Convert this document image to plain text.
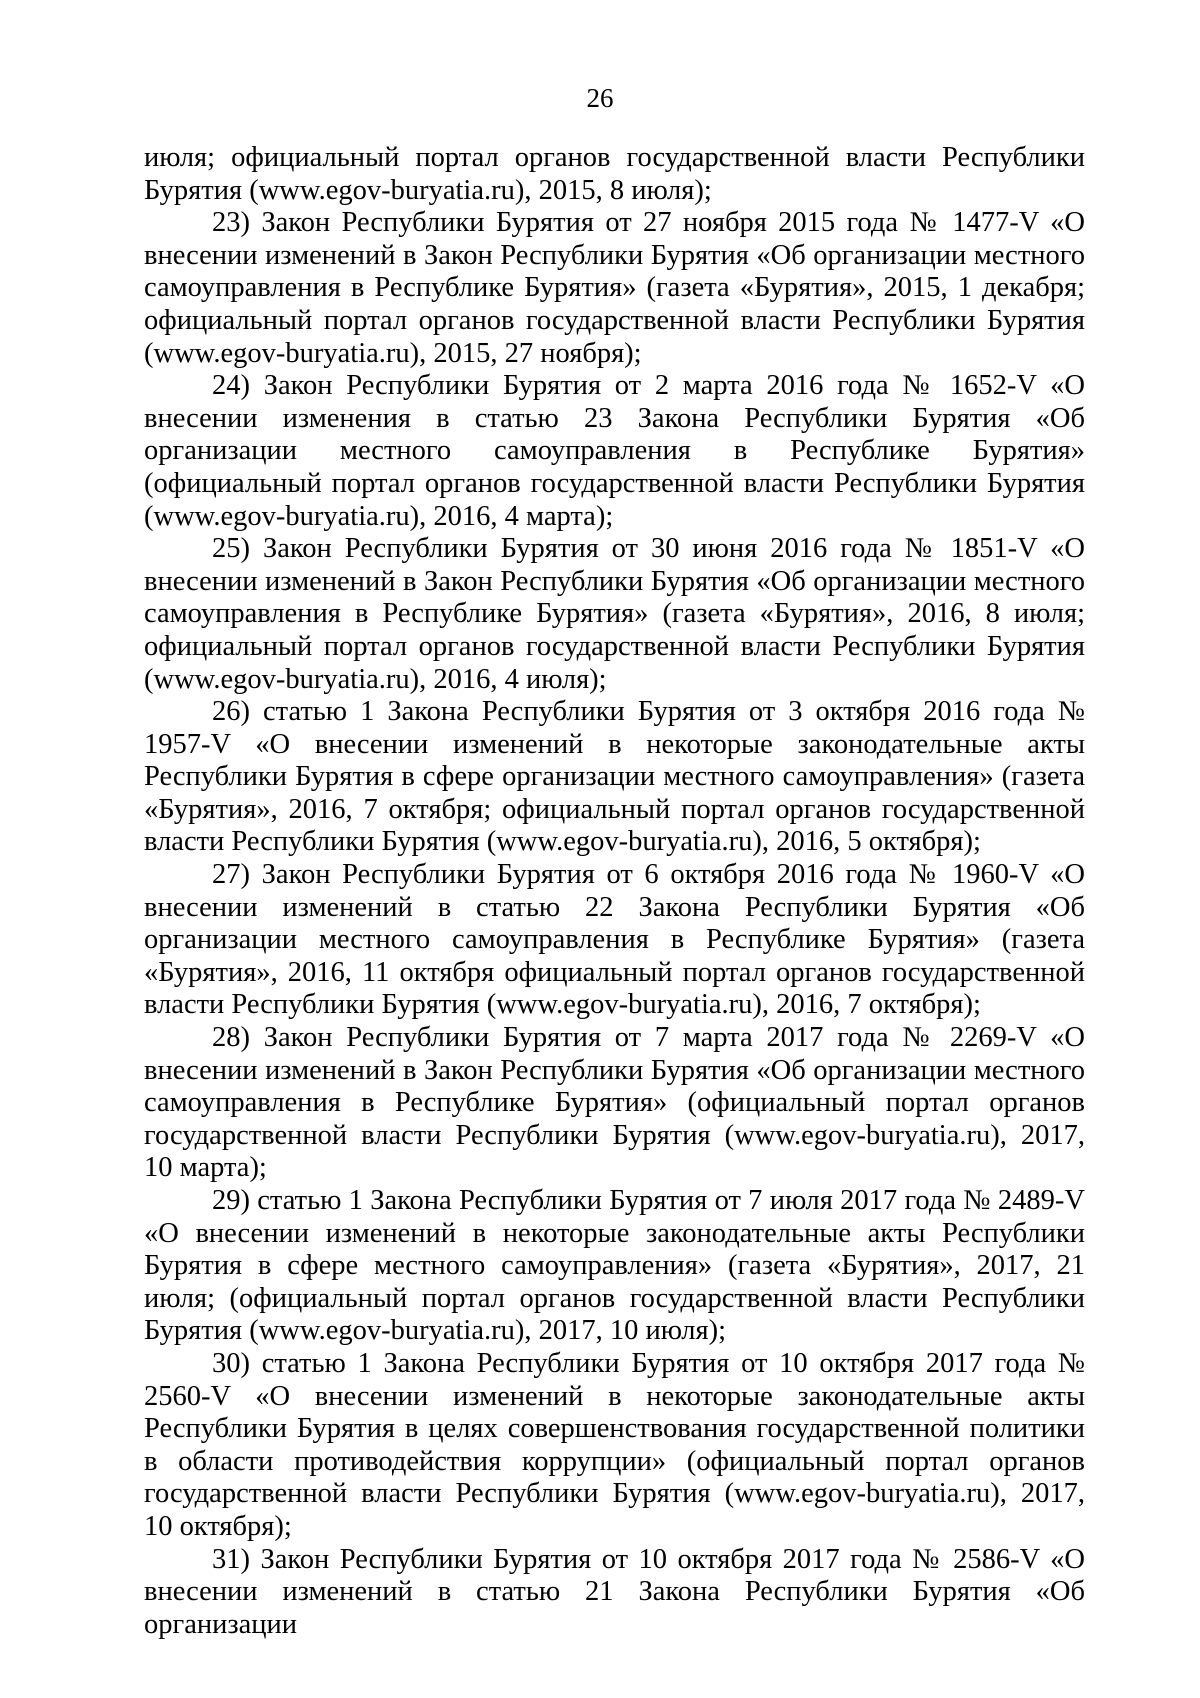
26

июля; официальный портал органов государственной власти Республики Бурятия (www.egov-buryatia.ru), 2015, 8 июля);

23) Закон Республики Бурятия от 27 ноября 2015 года № 1477-V «О внесении изменений в Закон Республики Бурятия «Об организации местного самоуправления в Республике Бурятия» (газета «Бурятия», 2015, 1 декабря; официальный портал органов государственной власти Республики Бурятия (www.egov-buryatia.ru), 2015, 27 ноября);

24) Закон Республики Бурятия от 2 марта 2016 года № 1652-V «О внесении изменения в статью 23 Закона Республики Бурятия «Об организации местного самоуправления в Республике Бурятия» (официальный портал органов государственной власти Республики Бурятия (www.egov-buryatia.ru), 2016, 4 марта);

25) Закон Республики Бурятия от 30 июня 2016 года № 1851-V «О внесении изменений в Закон Республики Бурятия «Об организации местного самоуправления в Республике Бурятия» (газета «Бурятия», 2016, 8 июля; официальный портал органов государственной власти Республики Бурятия (www.egov-buryatia.ru), 2016, 4 июля);

26) статью 1 Закона Республики Бурятия от 3 октября 2016 года № 1957-V «О внесении изменений в некоторые законодательные акты Республики Бурятия в сфере организации местного самоуправления» (газета «Бурятия», 2016, 7 октября; официальный портал органов государственной власти Республики Бурятия (www.egov-buryatia.ru), 2016, 5 октября);

27) Закон Республики Бурятия от 6 октября 2016 года № 1960-V «О внесении изменений в статью 22 Закона Республики Бурятия «Об организации местного самоуправления в Республике Бурятия» (газета «Бурятия», 2016, 11 октября официальный портал органов государственной власти Республики Бурятия (www.egov-buryatia.ru), 2016, 7 октября);

28) Закон Республики Бурятия от 7 марта 2017 года № 2269-V «О внесении изменений в Закон Республики Бурятия «Об организации местного самоуправления в Республике Бурятия» (официальный портал органов государственной власти Республики Бурятия (www.egov-buryatia.ru), 2017, 10 марта);

29) статью 1 Закона Республики Бурятия от 7 июля 2017 года № 2489-V «О внесении изменений в некоторые законодательные акты Республики Бурятия в сфере местного самоуправления» (газета «Бурятия», 2017, 21 июля; (официальный портал органов государственной власти Республики Бурятия (www.egov-buryatia.ru), 2017, 10 июля);

30) статью 1 Закона Республики Бурятия от 10 октября 2017 года № 2560-V «О внесении изменений в некоторые законодательные акты Республики Бурятия в целях совершенствования государственной политики в области противодействия коррупции» (официальный портал органов государственной власти Республики Бурятия (www.egov-buryatia.ru), 2017, 10 октября);

31) Закон Республики Бурятия от 10 октября 2017 года № 2586-V «О внесении изменений в статью 21 Закона Республики Бурятия «Об организации
